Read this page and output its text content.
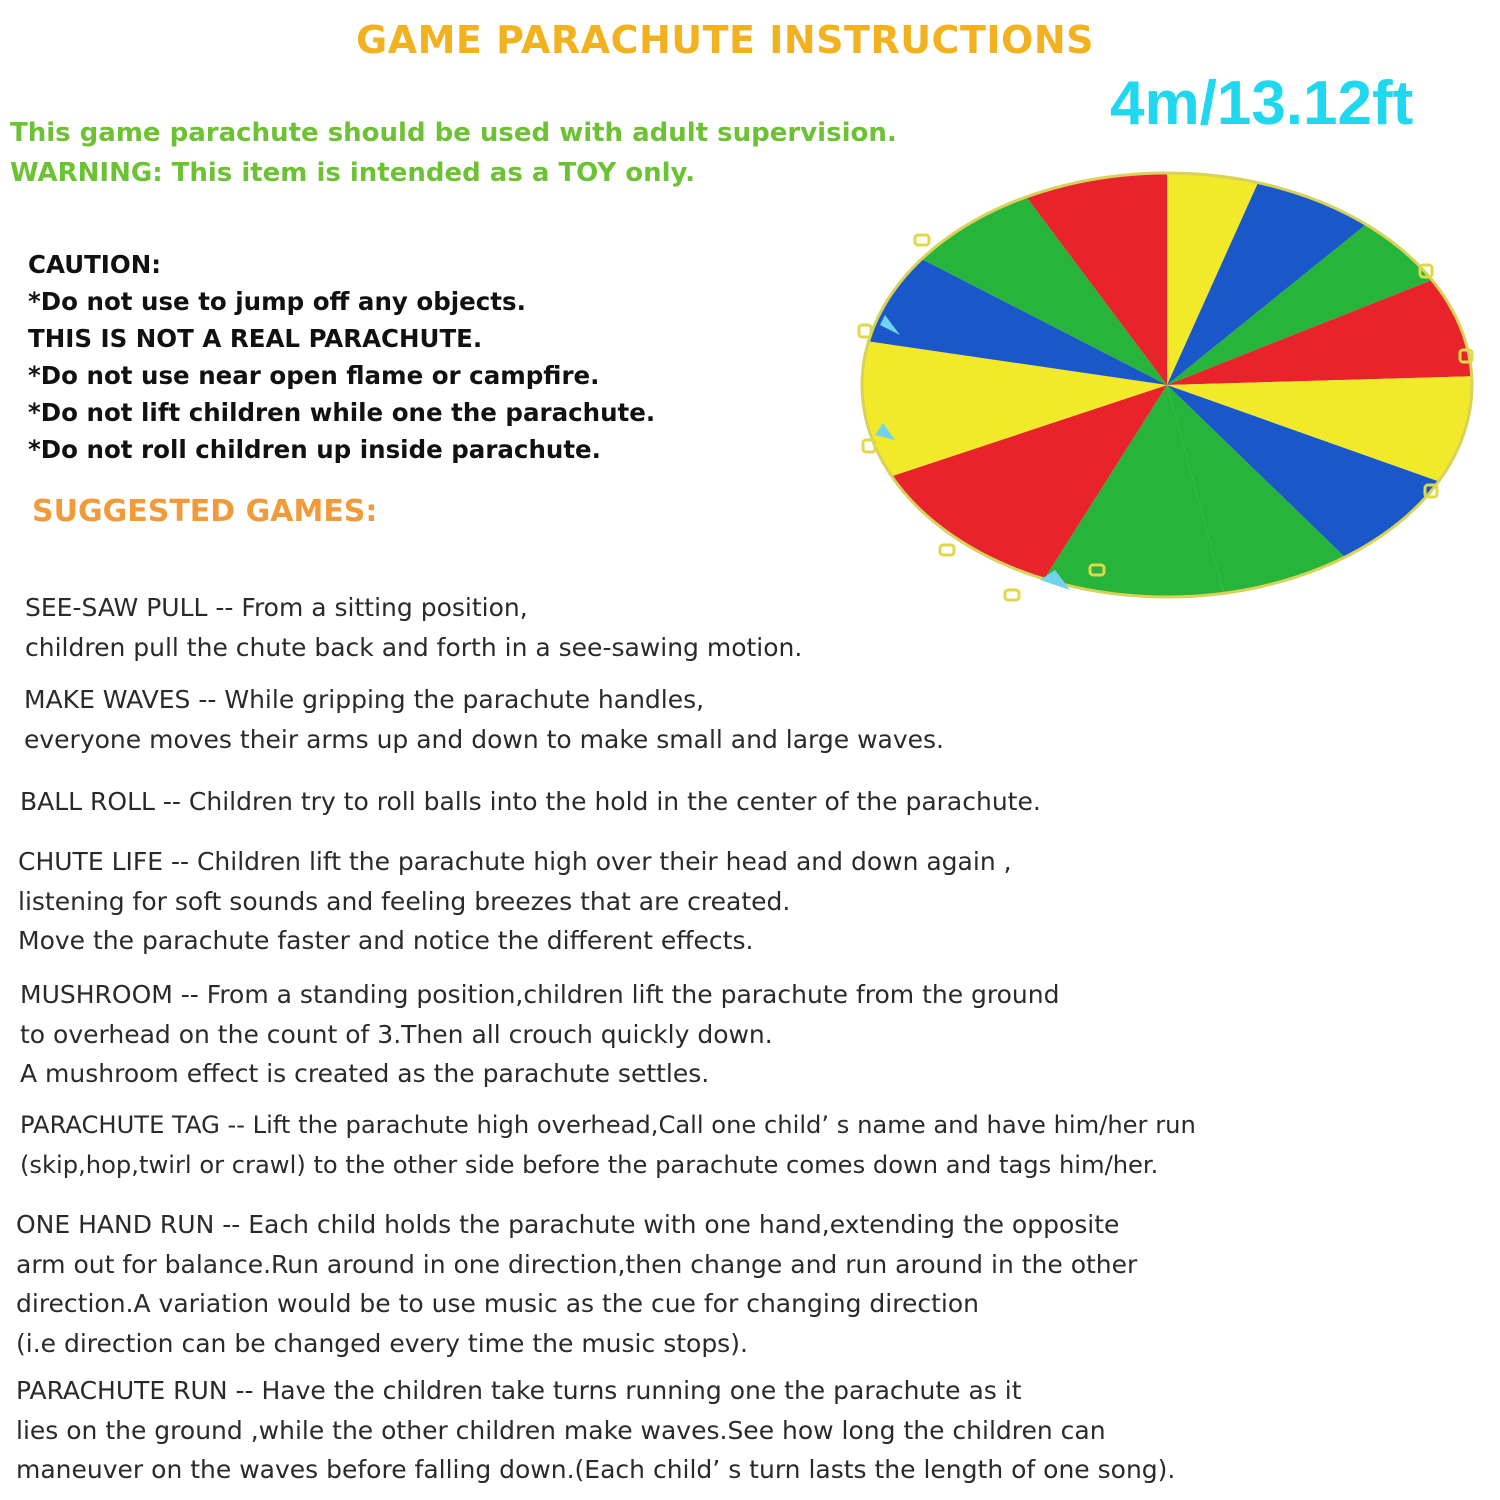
GAME PARACHUTE INSTRUCTIONS
4m/13.12ft
This game parachute should be used with adult supervision.
WARNING: This item is intended as a TOY only.
CAUTION:
*Do not use to jump off any objects.
THIS IS NOT A REAL PARACHUTE.
*Do not use near open flame or campfire.
*Do not lift children while one the parachute.
*Do not roll children up inside parachute.
SUGGESTED GAMES:
SEE-SAW PULL -- From a sitting position,
children pull the chute back and forth in a see-sawing motion.
MAKE WAVES -- While gripping the parachute handles,
everyone moves their arms up and down to make small and large waves.
BALL ROLL -- Children try to roll balls into the hold in the center of the parachute.
CHUTE LIFE -- Children lift the parachute high over their head and down again ,
listening for soft sounds and feeling breezes that are created.
Move the parachute faster and notice the different effects.
MUSHROOM -- From a standing position,children lift the parachute from the ground
to overhead on the count of 3.Then all crouch quickly down.
A mushroom effect is created as the parachute settles.
PARACHUTE TAG -- Lift the parachute high overhead,Call one child’ s name and have him/her run
(skip,hop,twirl or crawl) to the other side before the parachute comes down and tags him/her.
ONE HAND RUN -- Each child holds the parachute with one hand,extending the opposite
arm out for balance.Run around in one direction,then change and run around in the other
direction.A variation would be to use music as the cue for changing direction
(i.e direction can be changed every time the music stops).
PARACHUTE RUN -- Have the children take turns running one the parachute as it
lies on the ground ,while the other children make waves.See how long the children can
maneuver on the waves before falling down.(Each child’ s turn lasts the length of one song).
